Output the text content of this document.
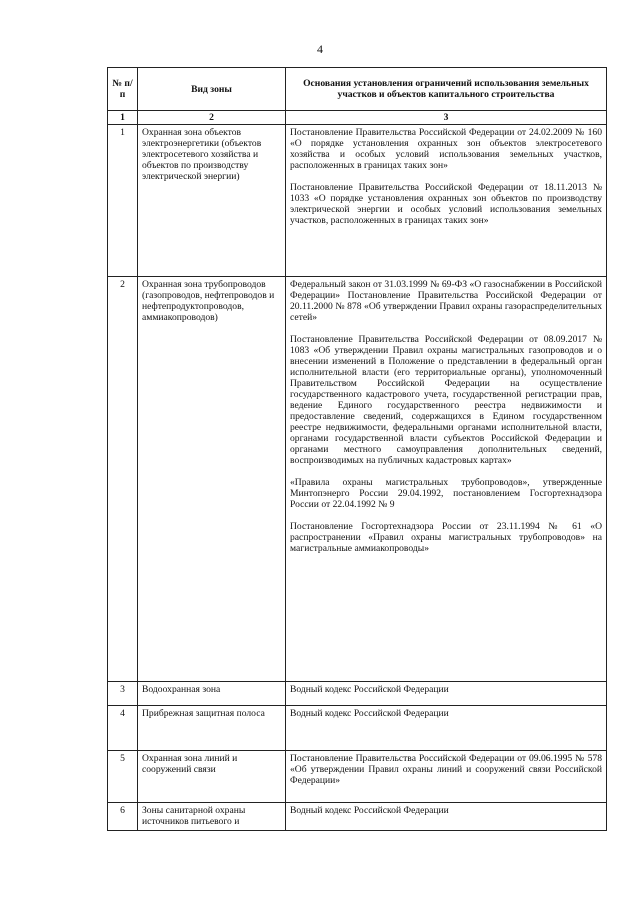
4
№ п/п	Вид зоны	Основания установления ограничений использования земельных участков и объектов капитального строительства
1	2	3
1	Охранная зона объектов электроэнергетики (объектов электросетевого хозяйства и объектов по производству электрической энергии)	Постановление Правительства Российской Федерации от 24.02.2009 № 160 «О порядке установления охранных зон объектов электросетевого хозяйства и особых условий использования земельных участков, расположенных в границах таких зон»

Постановление Правительства Российской Федерации от 18.11.2013 № 1033 «О порядке установления охранных зон объектов по производству электрической энергии и особых условий использования земельных участков, расположенных в границах таких зон»

2	Охранная зона трубопроводов (газопроводов, нефтепроводов и нефтепродуктопроводов, аммиакопроводов)	Федеральный закон от 31.03.1999 № 69-ФЗ «О газоснабжении в Российской Федерации» Постановление Правительства Российской Федерации от 20.11.2000 № 878 «Об утверждении Правил охраны газораспределительных сетей»

Постановление Правительства Российской Федерации от 08.09.2017 № 1083 «Об утверждении Правил охраны магистральных газопроводов и о внесении изменений в Положение о представлении в федеральный орган исполнительной власти (его территориальные органы), уполномоченный Правительством Российской Федерации на осуществление государственного кадастрового учета, государственной регистрации прав, ведение Единого государственного реестра недвижимости и предоставление сведений, содержащихся в Едином государственном реестре недвижимости, федеральными органами исполнительной власти, органами государственной власти субъектов Российской Федерации и органами местного самоуправления дополнительных сведений, воспроизводимых на публичных кадастровых картах»

«Правила охраны магистральных трубопроводов», утвержденные Минтопэнерго России 29.04.1992, постановлением Госгортехнадзора России от 22.04.1992 № 9

Постановление Госгортехнадзора России от 23.11.1994 № 61 «О распространении «Правил охраны магистральных трубопроводов» на магистральные аммиакопроводы»

3	Водоохранная зона	Водный кодекс Российской Федерации

4	Прибрежная защитная полоса	Водный кодекс Российской Федерации

5	Охранная зона линий и сооружений связи	Постановление Правительства Российской Федерации от 09.06.1995 № 578 «Об утверждении Правил охраны линий и сооружений связи Российской Федерации»

6	Зоны санитарной охраны источников питьевого и	Водный кодекс Российской Федерации
